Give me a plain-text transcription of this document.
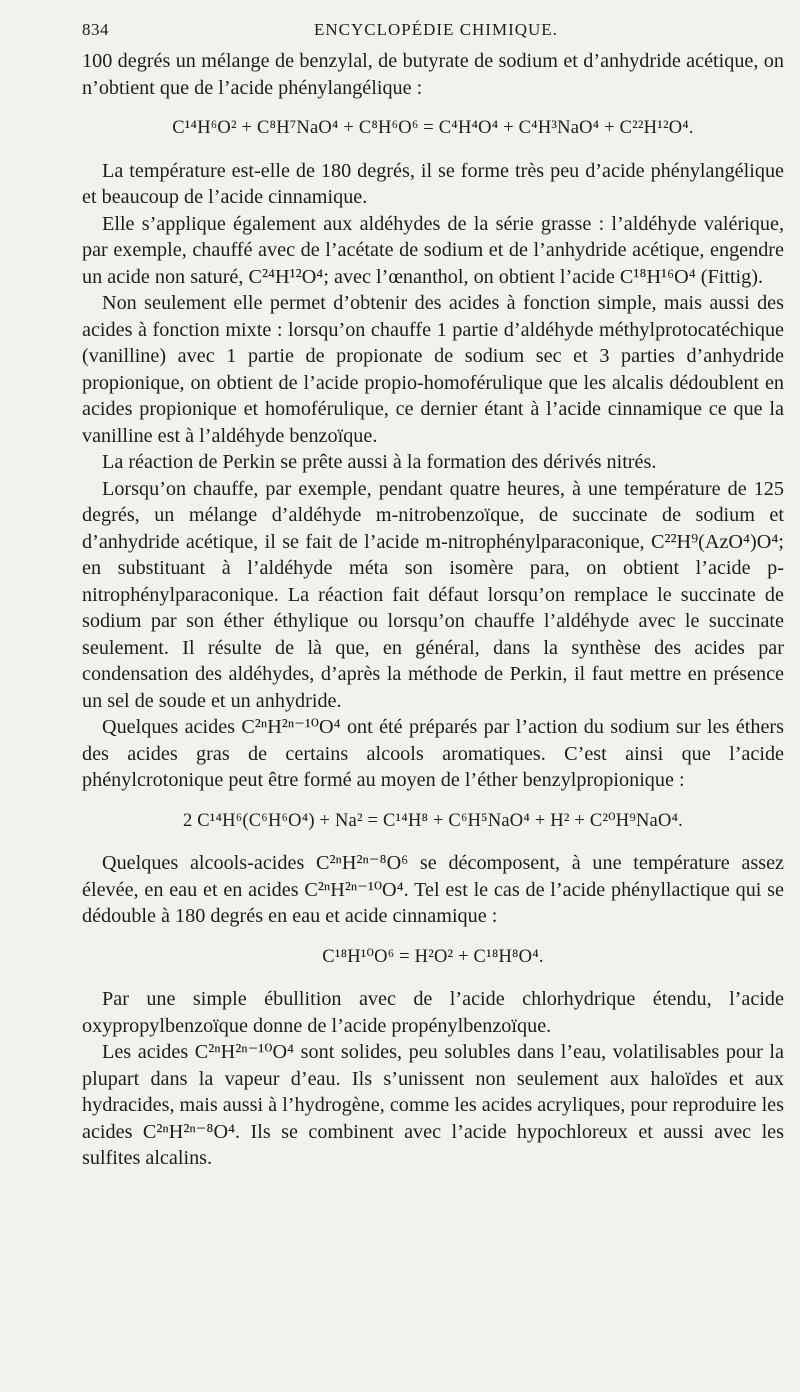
834	ENCYCLOPÉDIE CHIMIQUE.

100 degrés un mélange de benzylal, de butyrate de sodium et d’anhydride acétique, on n’obtient que de l’acide phénylangélique :

C¹⁴H⁶O² + C⁸H⁷NaO⁴ + C⁸H⁶O⁶ = C⁴H⁴O⁴ + C⁴H³NaO⁴ + C²²H¹²O⁴.

La température est-elle de 180 degrés, il se forme très peu d’acide phénylangélique et beaucoup de l’acide cinnamique.

Elle s’applique également aux aldéhydes de la série grasse : l’aldéhyde valérique, par exemple, chauffé avec de l’acétate de sodium et de l’anhydride acétique, engendre un acide non saturé, C²⁴H¹²O⁴; avec l’œnanthol, on obtient l’acide C¹⁸H¹⁶O⁴ (Fittig).

Non seulement elle permet d’obtenir des acides à fonction simple, mais aussi des acides à fonction mixte : lorsqu’on chauffe 1 partie d’aldéhyde méthylprotocatéchique (vanilline) avec 1 partie de propionate de sodium sec et 3 parties d’anhydride propionique, on obtient de l’acide propio-homoférulique que les alcalis dédoublent en acides propionique et homoférulique, ce dernier étant à l’acide cinnamique ce que la vanilline est à l’aldéhyde benzoïque.

La réaction de Perkin se prête aussi à la formation des dérivés nitrés.

Lorsqu’on chauffe, par exemple, pendant quatre heures, à une température de 125 degrés, un mélange d’aldéhyde m-nitrobenzoïque, de succinate de sodium et d’anhydride acétique, il se fait de l’acide m-nitrophénylparaconique, C²²H⁹(AzO⁴)O⁴; en substituant à l’aldéhyde méta son isomère para, on obtient l’acide p-nitrophénylparaconique. La réaction fait défaut lorsqu’on remplace le succinate de sodium par son éther éthylique ou lorsqu’on chauffe l’aldéhyde avec le succinate seulement. Il résulte de là que, en général, dans la synthèse des acides par condensation des aldéhydes, d’après la méthode de Perkin, il faut mettre en présence un sel de soude et un anhydride.

Quelques acides C²ⁿH²ⁿ⁻¹⁰O⁴ ont été préparés par l’action du sodium sur les éthers des acides gras de certains alcools aromatiques. C’est ainsi que l’acide phénylcrotonique peut être formé au moyen de l’éther benzylpropionique :

2 C¹⁴H⁶(C⁶H⁶O⁴) + Na² = C¹⁴H⁸ + C⁶H⁵NaO⁴ + H² + C²⁰H⁹NaO⁴.

Quelques alcools-acides C²ⁿH²ⁿ⁻⁸O⁶ se décomposent, à une température assez élevée, en eau et en acides C²ⁿH²ⁿ⁻¹⁰O⁴. Tel est le cas de l’acide phényllactique qui se dédouble à 180 degrés en eau et acide cinnamique :

C¹⁸H¹⁰O⁶ = H²O² + C¹⁸H⁸O⁴.

Par une simple ébullition avec de l’acide chlorhydrique étendu, l’acide oxypropylbenzoïque donne de l’acide propénylbenzoïque.

Les acides C²ⁿH²ⁿ⁻¹⁰O⁴ sont solides, peu solubles dans l’eau, volatilisables pour la plupart dans la vapeur d’eau. Ils s’unissent non seulement aux haloïdes et aux hydracides, mais aussi à l’hydrogène, comme les acides acryliques, pour reproduire les acides C²ⁿH²ⁿ⁻⁸O⁴. Ils se combinent avec l’acide hypochloreux et aussi avec les sulfites alcalins.
